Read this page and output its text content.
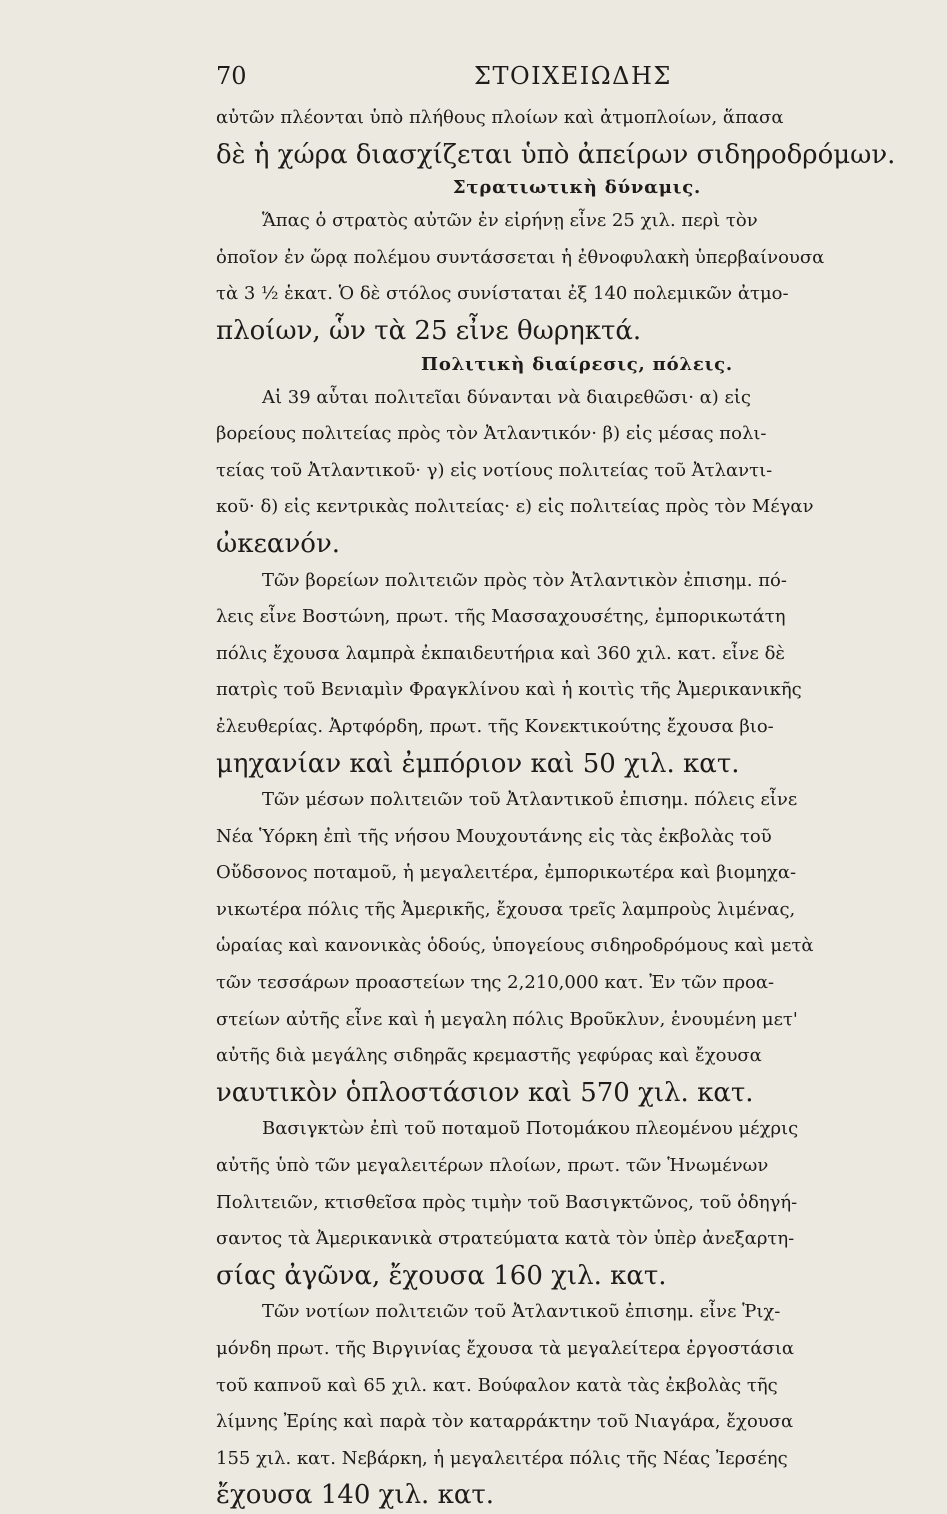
70	ΣΤΟΙΧΕΙΩΔΗΣ
αὐτῶν πλέονται ὑπὸ πλήθους πλοίων καὶ ἀτμοπλοίων, ἅπασα
δὲ ἡ χώρα διασχίζεται ὑπὸ ἀπείρων σιδηροδρόμων.
Στρατιωτικὴ δύναμις.
Ἅπας ὁ στρατὸς αὐτῶν ἐν εἰρήνῃ εἶνε 25 χιλ. περὶ τὸν
ὁποῖον ἐν ὥρᾳ πολέμου συντάσσεται ἡ ἐθνοφυλακὴ ὑπερβαίνουσα
τὰ 3 ½ ἑκατ. Ὁ δὲ στόλος συνίσταται ἐξ 140 πολεμικῶν ἀτμο-
πλοίων, ὧν τὰ 25 εἶνε θωρηκτά.
Πολιτικὴ διαίρεσις, πόλεις.
Αἱ 39 αὗται πολιτεῖαι δύνανται νὰ διαιρεθῶσι· α) εἰς
βορείους πολιτείας πρὸς τὸν Ἀτλαντικόν· β) εἰς μέσας πολι-
τείας τοῦ Ἀτλαντικοῦ· γ) εἰς νοτίους πολιτείας τοῦ Ἀτλαντι-
κοῦ· δ) εἰς κεντρικὰς πολιτείας· ε) εἰς πολιτείας πρὸς τὸν Μέγαν
ὠκεανόν.
Τῶν βορείων πολιτειῶν πρὸς τὸν Ἀτλαντικὸν ἐπισημ. πό-
λεις εἶνε Βοστώνη, πρωτ. τῆς Μασσαχουσέτης, ἐμπορικωτάτη
πόλις ἔχουσα λαμπρὰ ἐκπαιδευτήρια καὶ 360 χιλ. κατ. εἶνε δὲ
πατρὶς τοῦ Βενιαμὶν Φραγκλίνου καὶ ἡ κοιτὶς τῆς Ἀμερικανικῆς
ἐλευθερίας. Ἀρτφόρδη, πρωτ. τῆς Κονεκτικούτης ἔχουσα βιο-
μηχανίαν καὶ ἐμπόριον καὶ 50 χιλ. κατ.
Τῶν μέσων πολιτειῶν τοῦ Ἀτλαντικοῦ ἐπισημ. πόλεις εἶνε
Νέα Ὑόρκη ἐπὶ τῆς νήσου Μουχουτάνης εἰς τὰς ἐκβολὰς τοῦ
Οὔδσονος ποταμοῦ, ἡ μεγαλειτέρα, ἐμπορικωτέρα καὶ βιομηχα-
νικωτέρα πόλις τῆς Ἀμερικῆς, ἔχουσα τρεῖς λαμπροὺς λιμένας,
ὡραίας καὶ κανονικὰς ὁδούς, ὑπογείους σιδηροδρόμους καὶ μετὰ
τῶν τεσσάρων προαστείων της 2,210,000 κατ. Ἐν τῶν προα-
στείων αὐτῆς εἶνε καὶ ἡ μεγαλη πόλις Βροῦκλυν, ἑνουμένη μετ'
αὐτῆς διὰ μεγάλης σιδηρᾶς κρεμαστῆς γεφύρας καὶ ἔχουσα
ναυτικὸν ὁπλοστάσιον καὶ 570 χιλ. κατ.
Βασιγκτὼν ἐπὶ τοῦ ποταμοῦ Ποτομάκου πλεομένου μέχρις
αὐτῆς ὑπὸ τῶν μεγαλειτέρων πλοίων, πρωτ. τῶν Ἡνωμένων
Πολιτειῶν, κτισθεῖσα πρὸς τιμὴν τοῦ Βασιγκτῶνος, τοῦ ὁδηγή-
σαντος τὰ Ἀμερικανικὰ στρατεύματα κατὰ τὸν ὑπὲρ ἀνεξαρτη-
σίας ἀγῶνα, ἔχουσα 160 χιλ. κατ.
Τῶν νοτίων πολιτειῶν τοῦ Ἀτλαντικοῦ ἐπισημ. εἶνε Ῥιχ-
μόνδη πρωτ. τῆς Βιργινίας ἔχουσα τὰ μεγαλείτερα ἐργοστάσια
τοῦ καπνοῦ καὶ 65 χιλ. κατ. Βούφαλον κατὰ τὰς ἐκβολὰς τῆς
λίμνης Ἐρίης καὶ παρὰ τὸν καταρράκτην τοῦ Νιαγάρα, ἔχουσα
155 χιλ. κατ. Νεβάρκη, ἡ μεγαλειτέρα πόλις τῆς Νέας Ἰερσέης
ἔχουσα 140 χιλ. κατ.
